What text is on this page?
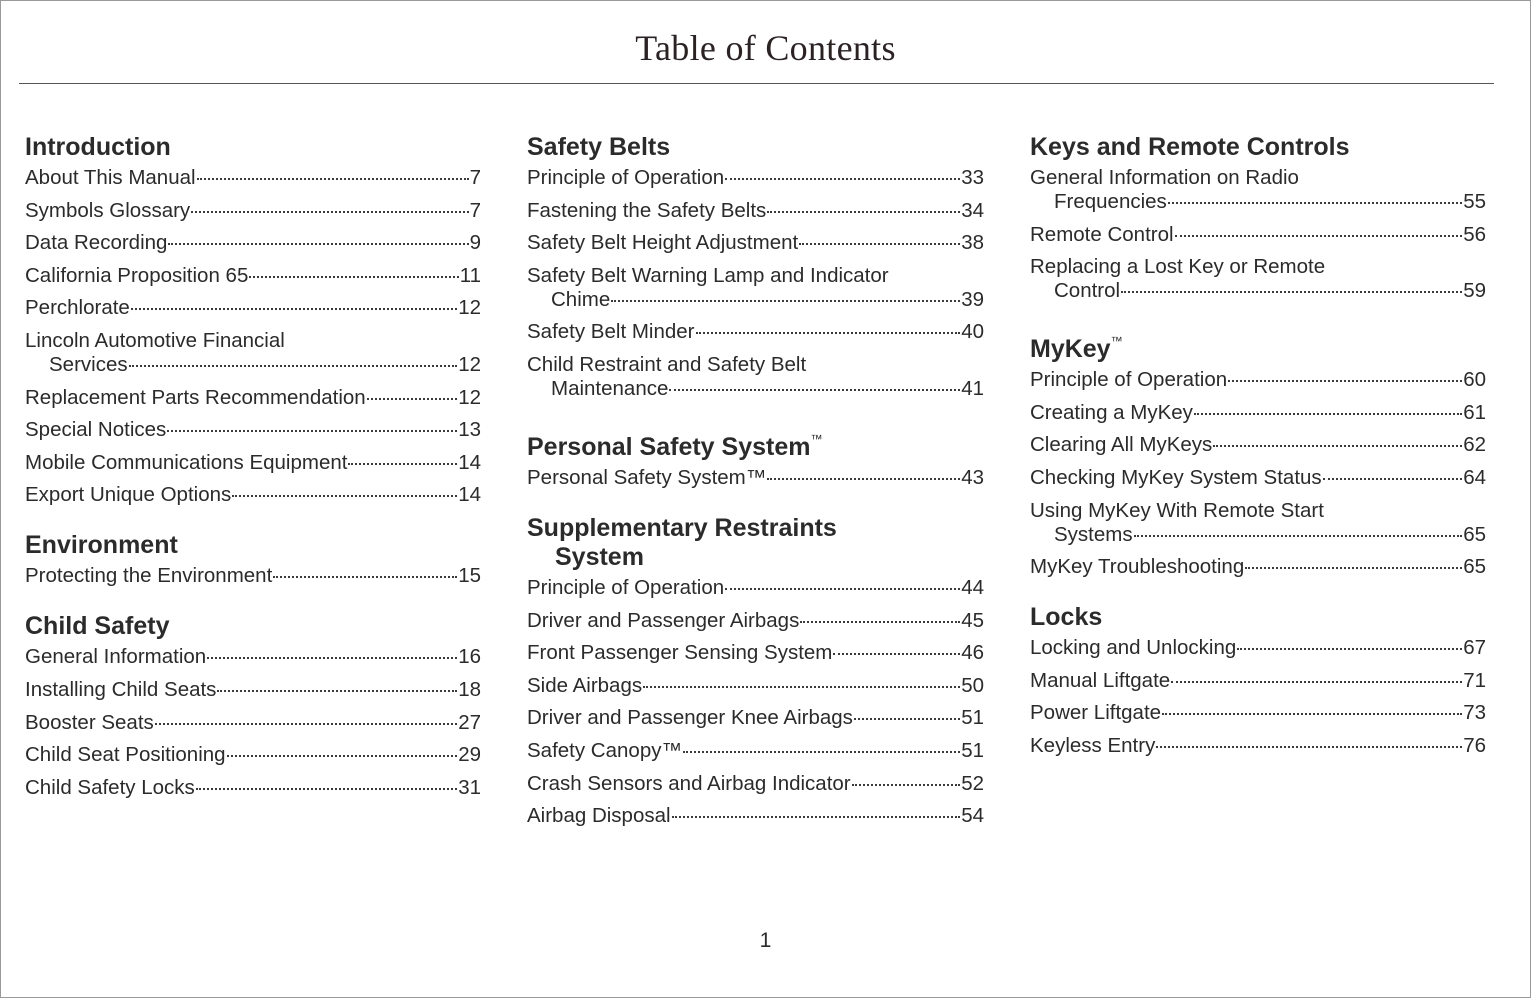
Table of Contents
Introduction
About This Manual	7
Symbols Glossary	7
Data Recording	9
California Proposition 65	11
Perchlorate	12
Lincoln Automotive Financial
Services	12
Replacement Parts Recommendation	12
Special Notices	13
Mobile Communications Equipment	14
Export Unique Options	14
Environment
Protecting the Environment	15
Child Safety
General Information	16
Installing Child Seats	18
Booster Seats	27
Child Seat Positioning	29
Child Safety Locks	31
Safety Belts
Principle of Operation	33
Fastening the Safety Belts	34
Safety Belt Height Adjustment	38
Safety Belt Warning Lamp and Indicator
Chime	39
Safety Belt Minder	40
Child Restraint and Safety Belt
Maintenance	41
Personal Safety System™
Personal Safety System™	43
Supplementary Restraints
System
Principle of Operation	44
Driver and Passenger Airbags	45
Front Passenger Sensing System	46
Side Airbags	50
Driver and Passenger Knee Airbags	51
Safety Canopy™	51
Crash Sensors and Airbag Indicator	52
Airbag Disposal	54
Keys and Remote Controls
General Information on Radio
Frequencies	55
Remote Control	56
Replacing a Lost Key or Remote
Control	59
MyKey™
Principle of Operation	60
Creating a MyKey	61
Clearing All MyKeys	62
Checking MyKey System Status	64
Using MyKey With Remote Start
Systems	65
MyKey Troubleshooting	65
Locks
Locking and Unlocking	67
Manual Liftgate	71
Power Liftgate	73
Keyless Entry	76
1
